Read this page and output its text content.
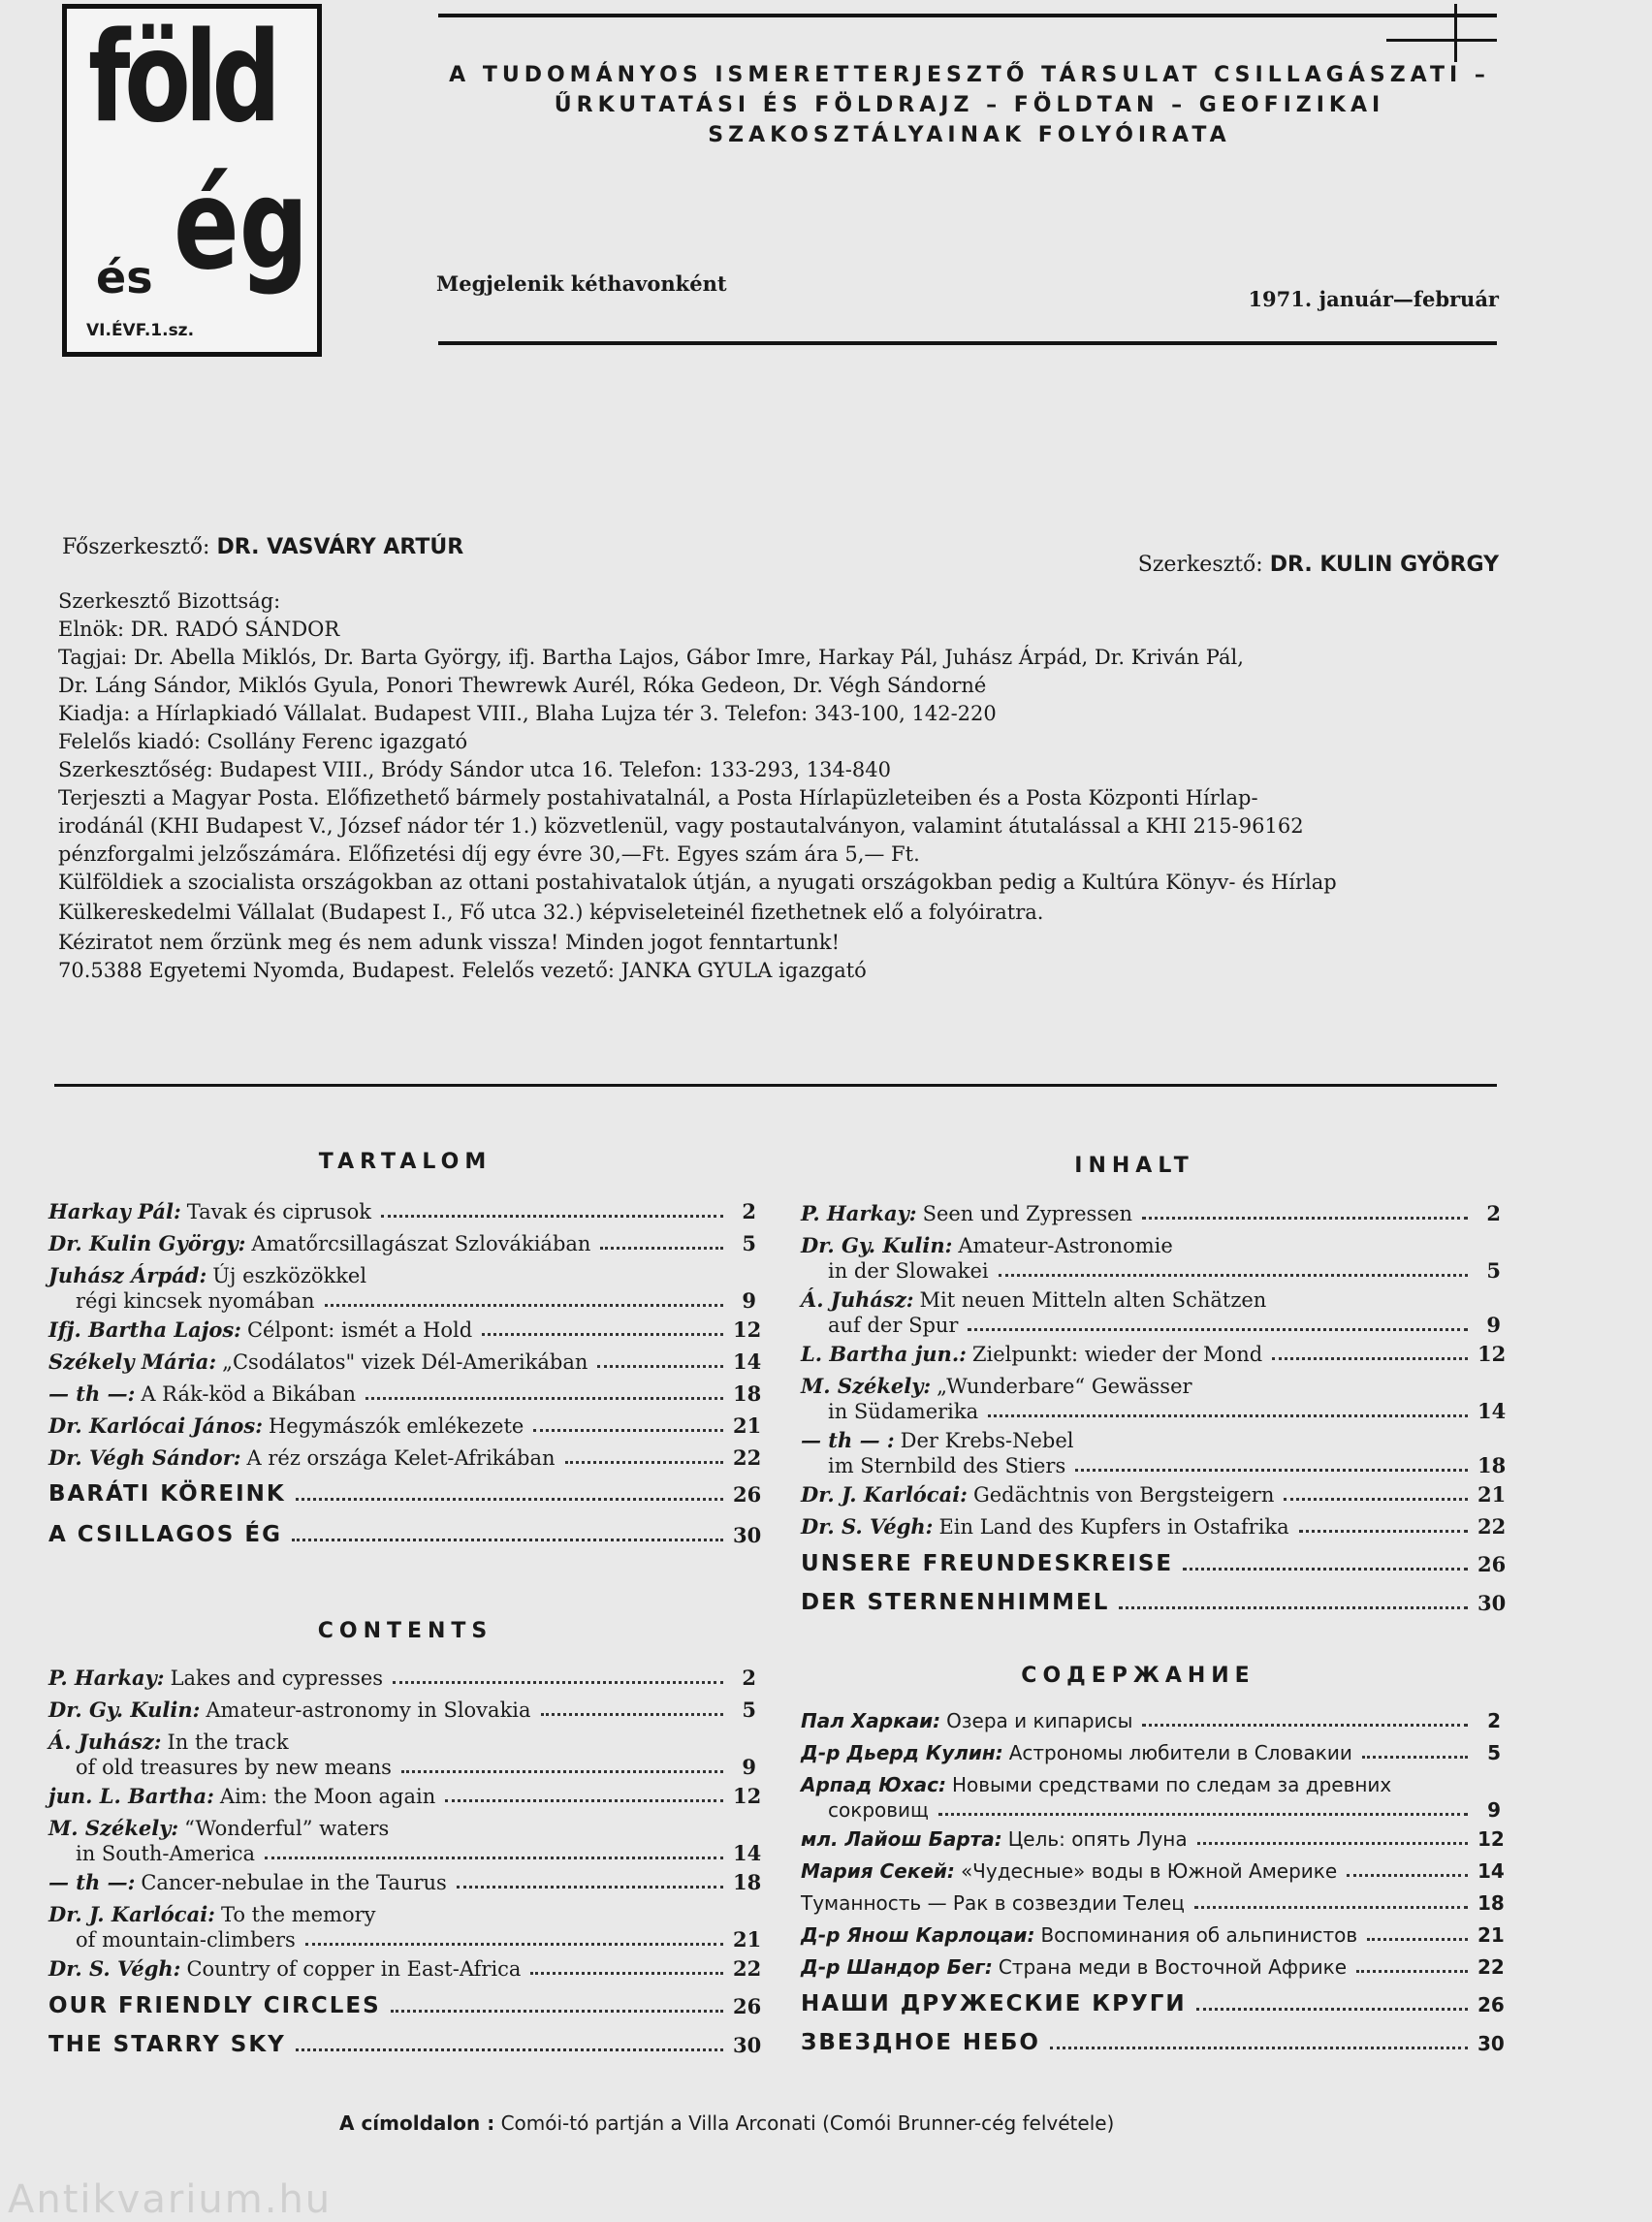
föld
ég
és
VI.ÉVF.1.sz.
A TUDOMÁNYOS ISMERETTERJESZTŐ TÁRSULAT CSILLAGÁSZATI – ŰRKUTATÁSI ÉS FÖLDRAJZ – FÖLDTAN – GEOFIZIKAI SZAKOSZTÁLYAINAK FOLYÓIRATA
Megjelenik kéthavonként
1971. január—február
Főszerkesztő: DR. VASVÁRY ARTÚR
Szerkesztő: DR. KULIN GYÖRGY

Szerkesztő Bizottság:

Elnök: DR. RADÓ SÁNDOR

Tagjai: Dr. Abella Miklós, Dr. Barta György, ifj. Bartha Lajos, Gábor Imre, Harkay Pál, Juhász Árpád, Dr. Kriván Pál,

Dr. Láng Sándor, Miklós Gyula, Ponori Thewrewk Aurél, Róka Gedeon, Dr. Végh Sándorné

Kiadja: a Hírlapkiadó Vállalat. Budapest VIII., Blaha Lujza tér 3. Telefon: 343-100, 142-220

Felelős kiadó: Csollány Ferenc igazgató

Szerkesztőség: Budapest VIII., Bródy Sándor utca 16. Telefon: 133-293, 134-840

Terjeszti a Magyar Posta. Előfizethető bármely postahivatalnál, a Posta Hírlapüzleteiben és a Posta Központi Hírlap-

irodánál (KHI Budapest V., József nádor tér 1.) közvetlenül, vagy postautalványon, valamint átutalással a KHI 215-96162

pénzforgalmi jelzőszámára. Előfizetési díj egy évre 30,—Ft. Egyes szám ára 5,— Ft.

Külföldiek a szocialista országokban az ottani postahivatalok útján, a nyugati országokban pedig a Kultúra Könyv- és Hírlap

Külkereskedelmi Vállalat (Budapest I., Fő utca 32.) képviseleteinél fizethetnek elő a folyóiratra.

Kéziratot nem őrzünk meg és nem adunk vissza! Minden jogot fenntartunk!

70.5388 Egyetemi Nyomda, Budapest. Felelős vezető: JANKA GYULA igazgató

TARTALOM
Harkay Pál: Tavak és ciprusok	2
Dr. Kulin György: Amatőrcsillagászat Szlovákiában	5
Juhász Árpád: Új eszközökkel
régi kincsek nyomában	9
Ifj. Bartha Lajos: Célpont: ismét a Hold	12
Székely Mária: „Csodálatos" vizek Dél-Amerikában	14
— th —: A Rák-köd a Bikában	18
Dr. Karlócai János: Hegymászók emlékezete	21
Dr. Végh Sándor: A réz országa Kelet-Afrikában	22
BARÁTI KÖREINK	26
A CSILLAGOS ÉG	30
CONTENTS
P. Harkay: Lakes and cypresses	2
Dr. Gy. Kulin: Amateur-astronomy in Slovakia	5
Á. Juhász: In the track
of old treasures by new means	9
jun. L. Bartha: Aim: the Moon again	12
M. Székely: “Wonderful” waters
in South-America	14
— th —: Cancer-nebulae in the Taurus	18
Dr. J. Karlócai: To the memory
of mountain-climbers	21
Dr. S. Végh: Country of copper in East-Africa	22
OUR FRIENDLY CIRCLES	26
THE STARRY SKY	30
INHALT
P. Harkay: Seen und Zypressen	2
Dr. Gy. Kulin: Amateur-Astronomie
in der Slowakei	5
Á. Juhász: Mit neuen Mitteln alten Schätzen
auf der Spur	9
L. Bartha jun.: Zielpunkt: wieder der Mond	12
M. Székely: „Wunderbare“ Gewässer
in Südamerika	14
— th — : Der Krebs-Nebel
im Sternbild des Stiers	18
Dr. J. Karlócai: Gedächtnis von Bergsteigern	21
Dr. S. Végh: Ein Land des Kupfers in Ostafrika	22
UNSERE FREUNDESKREISE	26
DER STERNENHIMMEL	30
СОДЕРЖАНИЕ
Пал Харкаи: Озера и кипарисы	2
Д-р Дьерд Кулин: Астрономы любители в Словакии	5
Арпад Юхас: Новыми средствами по следам за древних
сокровищ	9
мл. Лайош Барта: Цель: опять Луна	12
Мария Секей: «Чудесные» воды в Южной Америке	14
Туманность — Рак в созвездии Телец	18
Д-р Янош Карлоцаи: Воспоминания об альпинистов	21
Д-р Шандор Бег: Страна меди в Восточной Африке	22
НАШИ ДРУЖЕСКИЕ КРУГИ	26
ЗВЕЗДНОЕ НЕБО	30
A címoldalon : Comói-tó partján a Villa Arconati (Comói Brunner-cég felvétele)
Antikvarium.hu
